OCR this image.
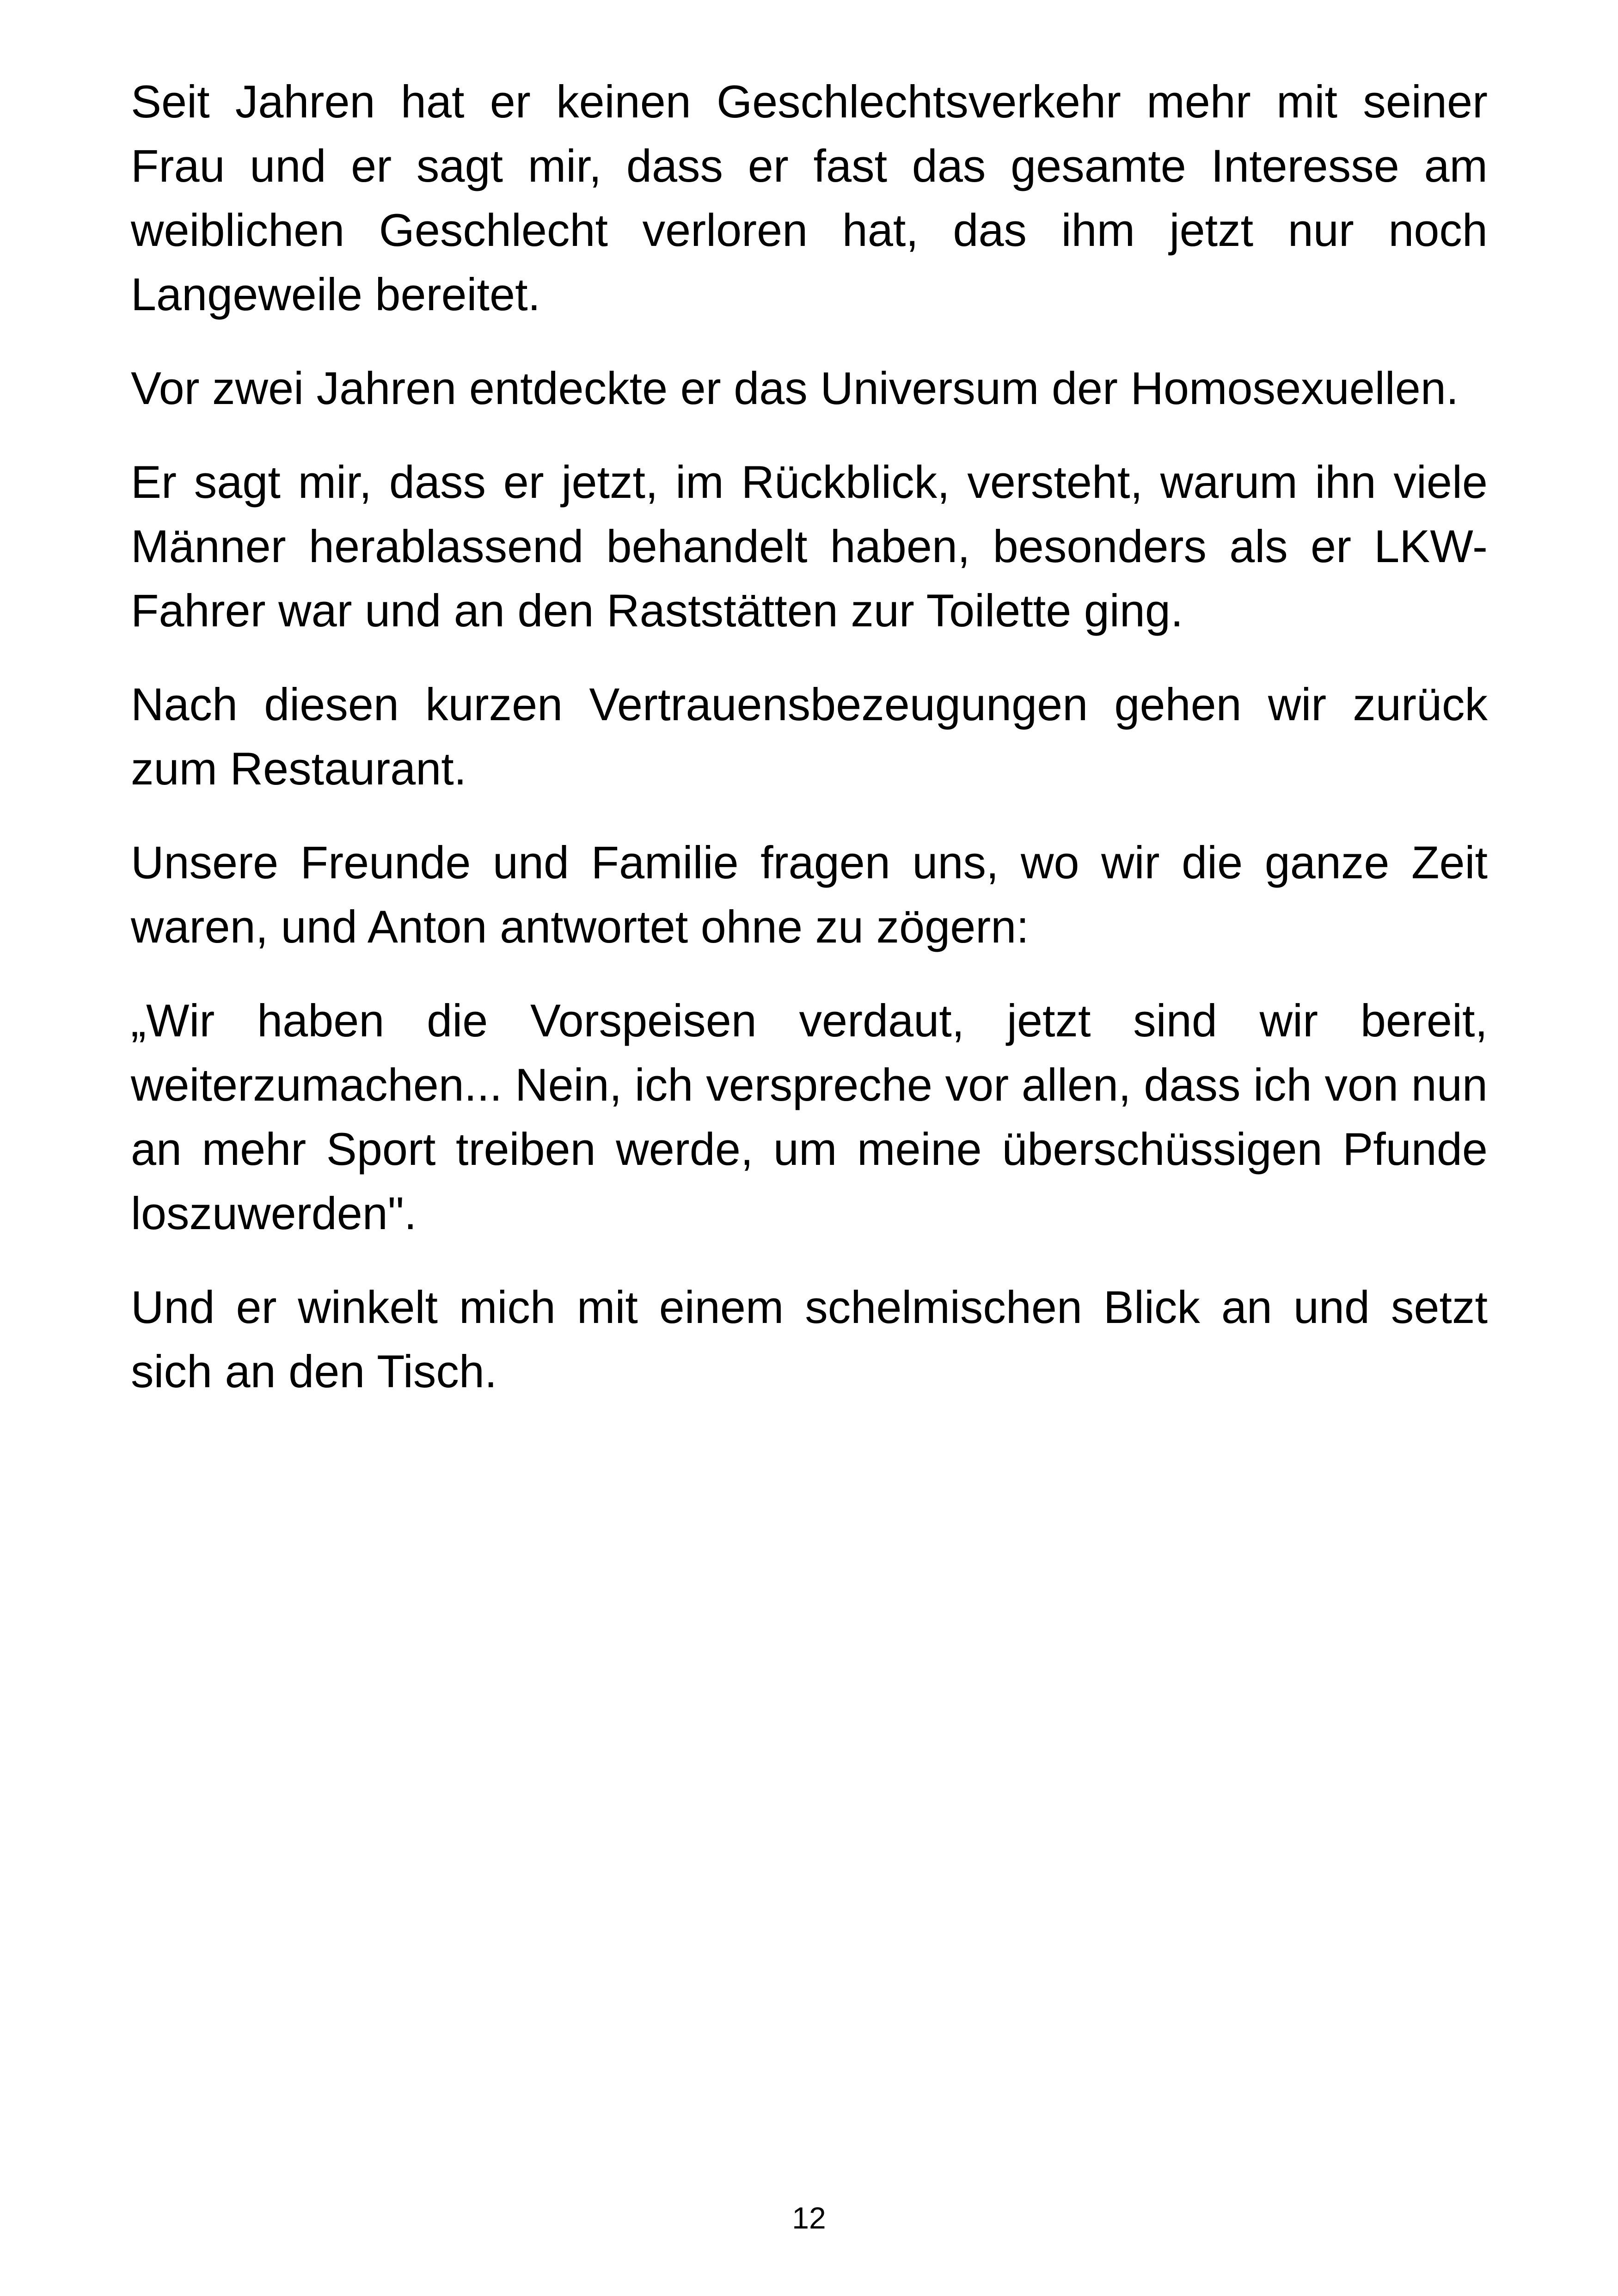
Seit Jahren hat er keinen Geschlechtsverkehr mehr mit seiner Frau und er sagt mir, dass er fast das gesamte Interesse am weiblichen Geschlecht verloren hat, das ihm jetzt nur noch Langeweile bereitet.

Vor zwei Jahren entdeckte er das Universum der Homosexuellen.

Er sagt mir, dass er jetzt, im Rückblick, versteht, warum ihn viele Männer herablassend behandelt haben, besonders als er LKW-Fahrer war und an den Raststätten zur Toilette ging.

Nach diesen kurzen Vertrauensbezeugungen gehen wir zurück zum Restaurant.

Unsere Freunde und Familie fragen uns, wo wir die ganze Zeit waren, und Anton antwortet ohne zu zögern:

„Wir haben die Vorspeisen verdaut, jetzt sind wir bereit, weiterzumachen... Nein, ich verspreche vor allen, dass ich von nun an mehr Sport treiben werde, um meine überschüssigen Pfunde loszuwerden".

Und er winkelt mich mit einem schelmischen Blick an und setzt sich an den Tisch.

12
